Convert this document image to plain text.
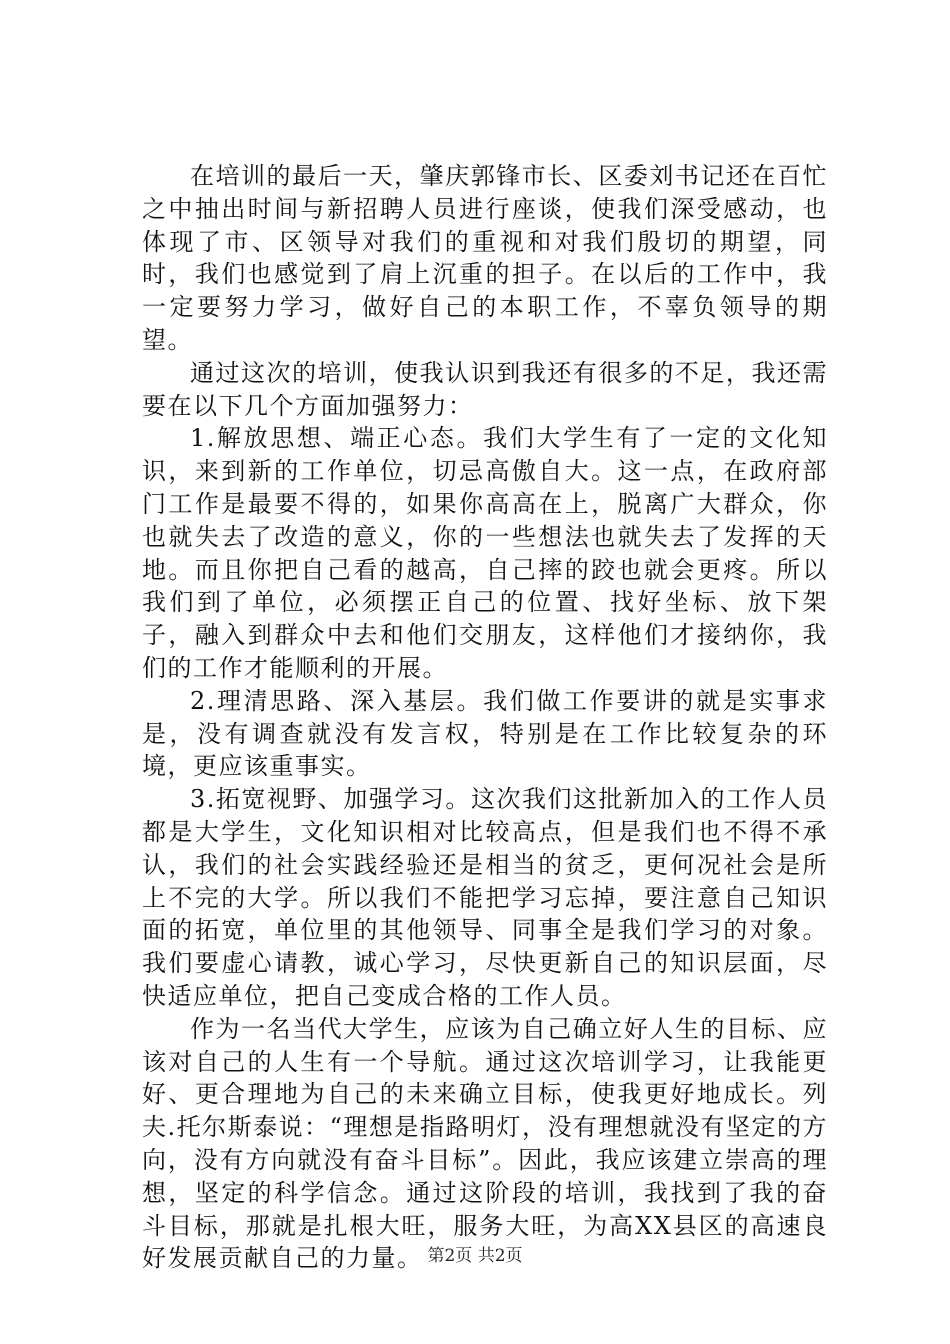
在培训的最后一天，肇庆郭锋市长、区委刘书记还在百忙之中抽出时间与新招聘人员进行座谈，使我们深受感动，也体现了市、区领导对我们的重视和对我们殷切的期望，同时，我们也感觉到了肩上沉重的担子。在以后的工作中，我一定要努力学习，做好自己的本职工作，不辜负领导的期望。

通过这次的培训，使我认识到我还有很多的不足，我还需要在以下几个方面加强努力：

1.解放思想、端正心态。我们大学生有了一定的文化知识，来到新的工作单位，切忌高傲自大。这一点，在政府部门工作是最要不得的，如果你高高在上，脱离广大群众，你也就失去了改造的意义，你的一些想法也就失去了发挥的天地。而且你把自己看的越高，自己摔的跤也就会更疼。所以我们到了单位，必须摆正自己的位置、找好坐标、放下架子，融入到群众中去和他们交朋友，这样他们才接纳你，我们的工作才能顺利的开展。

2.理清思路、深入基层。我们做工作要讲的就是实事求是，没有调查就没有发言权，特别是在工作比较复杂的环境，更应该重事实。

3.拓宽视野、加强学习。这次我们这批新加入的工作人员都是大学生，文化知识相对比较高点，但是我们也不得不承认，我们的社会实践经验还是相当的贫乏，更何况社会是所上不完的大学。所以我们不能把学习忘掉，要注意自己知识面的拓宽，单位里的其他领导、同事全是我们学习的对象。我们要虚心请教，诚心学习，尽快更新自己的知识层面，尽快适应单位，把自己变成合格的工作人员。

作为一名当代大学生，应该为自己确立好人生的目标、应该对自己的人生有一个导航。通过这次培训学习，让我能更好、更合理地为自己的未来确立目标，使我更好地成长。列夫.托尔斯泰说：“理想是指路明灯，没有理想就没有坚定的方向，没有方向就没有奋斗目标”。因此，我应该建立崇高的理想，坚定的科学信念。通过这阶段的培训，我找到了我的奋斗目标，那就是扎根大旺，服务大旺，为高XX县区的高速良好发展贡献自己的力量。 第2页 共2页
